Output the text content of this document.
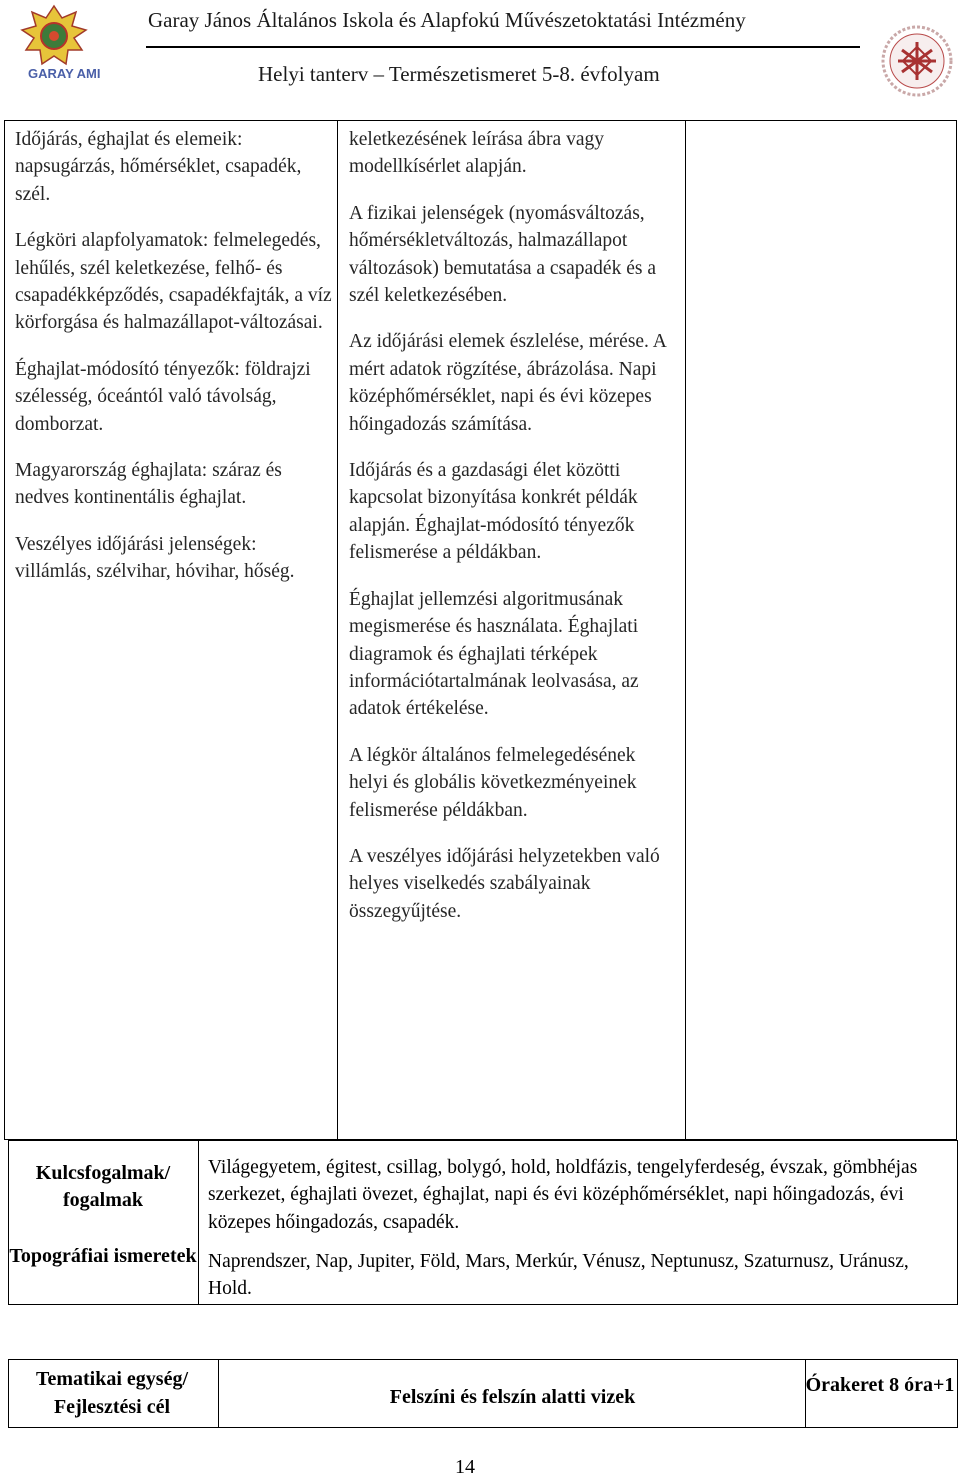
GARAY AMI
Garay János Általános Iskola és Alapfokú Művészetoktatási Intézmény
Helyi tanterv – Természetismeret 5-8. évfolyam

Időjárás, éghajlat és elemeik: napsugárzás, hőmérséklet, csapadék, szél.

Légköri alapfolyamatok: felmelegedés, lehűlés, szél keletkezése, felhő- és csapadékképződés, csapadékfajták, a víz körforgása és halmazállapot-változásai.

Éghajlat-módosító tényezők: földrajzi szélesség, óceántól való távolság, domborzat.

Magyarország éghajlata: száraz és nedves kontinentális éghajlat.

Veszélyes időjárási jelenségek: villámlás, szélvihar, hóvihar, hőség.

keletkezésének leírása ábra vagy modellkísérlet alapján.

A fizikai jelenségek (nyomásváltozás, hőmérsékletváltozás, halmazállapot változások) bemutatása a csapadék és a szél keletkezésében.

Az időjárási elemek észlelése, mérése. A mért adatok rögzítése, ábrázolása. Napi középhőmérséklet, napi és évi közepes hőingadozás számítása.

Időjárás és a gazdasági élet közötti kapcsolat bizonyítása konkrét példák alapján. Éghajlat-módosító tényezők felismerése a példákban.

Éghajlat jellemzési algoritmusának megismerése és használata. Éghajlati diagramok és éghajlati térképek információtartalmának leolvasása, az adatok értékelése.

A légkör általános felmelegedésének helyi és globális következményeinek felismerése példákban.

A veszélyes időjárási helyzetekben való helyes viselkedés szabályainak összegyűjtése.

Kulcsfogalmak/ fogalmak
Világegyetem, égitest, csillag, bolygó, hold, holdfázis, tengelyferdeség, évszak, gömbhéjas szerkezet, éghajlati övezet, éghajlat, napi és évi középhőmérséklet, napi hőingadozás, évi közepes hőingadozás, csapadék.
Topográfiai ismeretek Naprendszer, Nap, Jupiter, Föld, Mars, Merkúr, Vénusz, Neptunusz, Szaturnusz, Uránusz, Hold.
Tematikai egység/ Fejlesztési cél	Felszíni és felszín alatti vizek
Órakeret 8 óra+1
14
